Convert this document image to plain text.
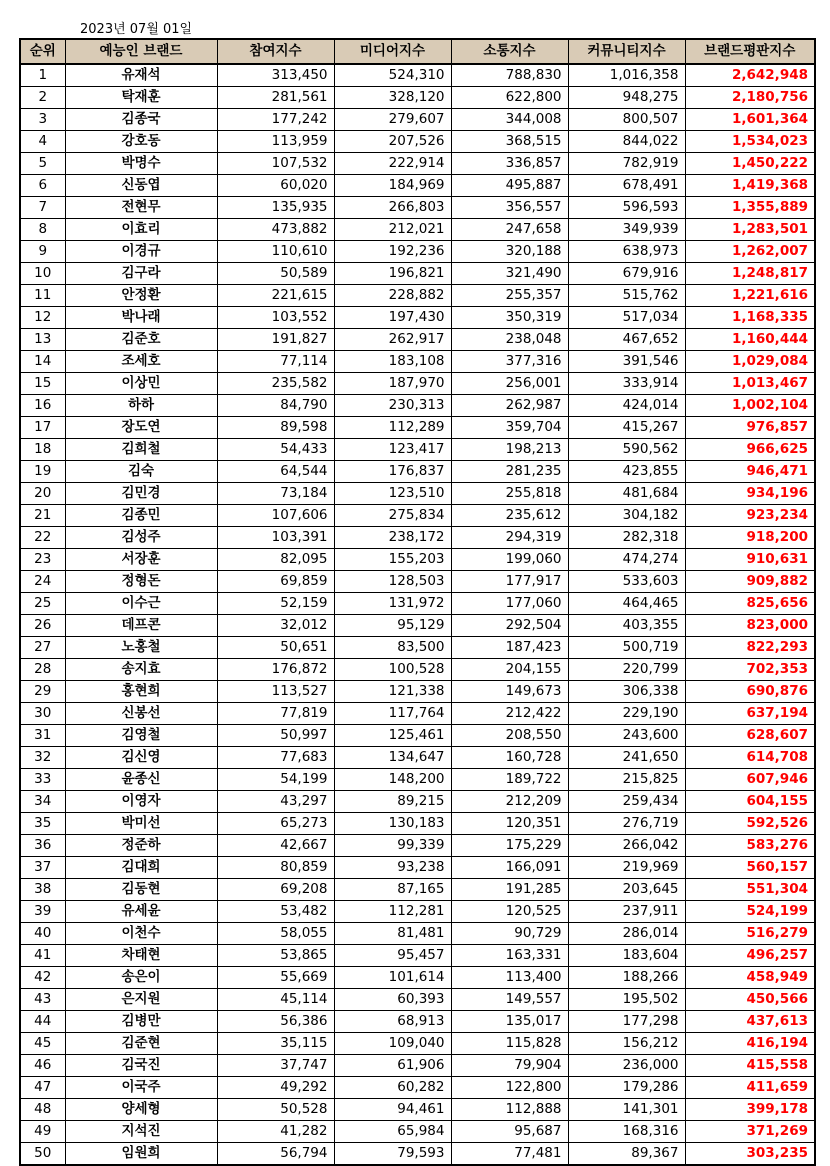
2023년 07월 01일
순위	예능인 브랜드	참여지수	미디어지수	소통지수	커뮤니티지수	브랜드평판지수
1	유재석	313,450	524,310	788,830	1,016,358	2,642,948
2	탁재훈	281,561	328,120	622,800	948,275	2,180,756
3	김종국	177,242	279,607	344,008	800,507	1,601,364
4	강호동	113,959	207,526	368,515	844,022	1,534,023
5	박명수	107,532	222,914	336,857	782,919	1,450,222
6	신동엽	60,020	184,969	495,887	678,491	1,419,368
7	전현무	135,935	266,803	356,557	596,593	1,355,889
8	이효리	473,882	212,021	247,658	349,939	1,283,501
9	이경규	110,610	192,236	320,188	638,973	1,262,007
10	김구라	50,589	196,821	321,490	679,916	1,248,817
11	안정환	221,615	228,882	255,357	515,762	1,221,616
12	박나래	103,552	197,430	350,319	517,034	1,168,335
13	김준호	191,827	262,917	238,048	467,652	1,160,444
14	조세호	77,114	183,108	377,316	391,546	1,029,084
15	이상민	235,582	187,970	256,001	333,914	1,013,467
16	하하	84,790	230,313	262,987	424,014	1,002,104
17	장도연	89,598	112,289	359,704	415,267	976,857
18	김희철	54,433	123,417	198,213	590,562	966,625
19	김숙	64,544	176,837	281,235	423,855	946,471
20	김민경	73,184	123,510	255,818	481,684	934,196
21	김종민	107,606	275,834	235,612	304,182	923,234
22	김성주	103,391	238,172	294,319	282,318	918,200
23	서장훈	82,095	155,203	199,060	474,274	910,631
24	정형돈	69,859	128,503	177,917	533,603	909,882
25	이수근	52,159	131,972	177,060	464,465	825,656
26	데프콘	32,012	95,129	292,504	403,355	823,000
27	노홍철	50,651	83,500	187,423	500,719	822,293
28	송지효	176,872	100,528	204,155	220,799	702,353
29	홍현희	113,527	121,338	149,673	306,338	690,876
30	신봉선	77,819	117,764	212,422	229,190	637,194
31	김영철	50,997	125,461	208,550	243,600	628,607
32	김신영	77,683	134,647	160,728	241,650	614,708
33	윤종신	54,199	148,200	189,722	215,825	607,946
34	이영자	43,297	89,215	212,209	259,434	604,155
35	박미선	65,273	130,183	120,351	276,719	592,526
36	정준하	42,667	99,339	175,229	266,042	583,276
37	김대희	80,859	93,238	166,091	219,969	560,157
38	김동현	69,208	87,165	191,285	203,645	551,304
39	유세윤	53,482	112,281	120,525	237,911	524,199
40	이천수	58,055	81,481	90,729	286,014	516,279
41	차태현	53,865	95,457	163,331	183,604	496,257
42	송은이	55,669	101,614	113,400	188,266	458,949
43	은지원	45,114	60,393	149,557	195,502	450,566
44	김병만	56,386	68,913	135,017	177,298	437,613
45	김준현	35,115	109,040	115,828	156,212	416,194
46	김국진	37,747	61,906	79,904	236,000	415,558
47	이국주	49,292	60,282	122,800	179,286	411,659
48	양세형	50,528	94,461	112,888	141,301	399,178
49	지석진	41,282	65,984	95,687	168,316	371,269
50	임원희	56,794	79,593	77,481	89,367	303,235
